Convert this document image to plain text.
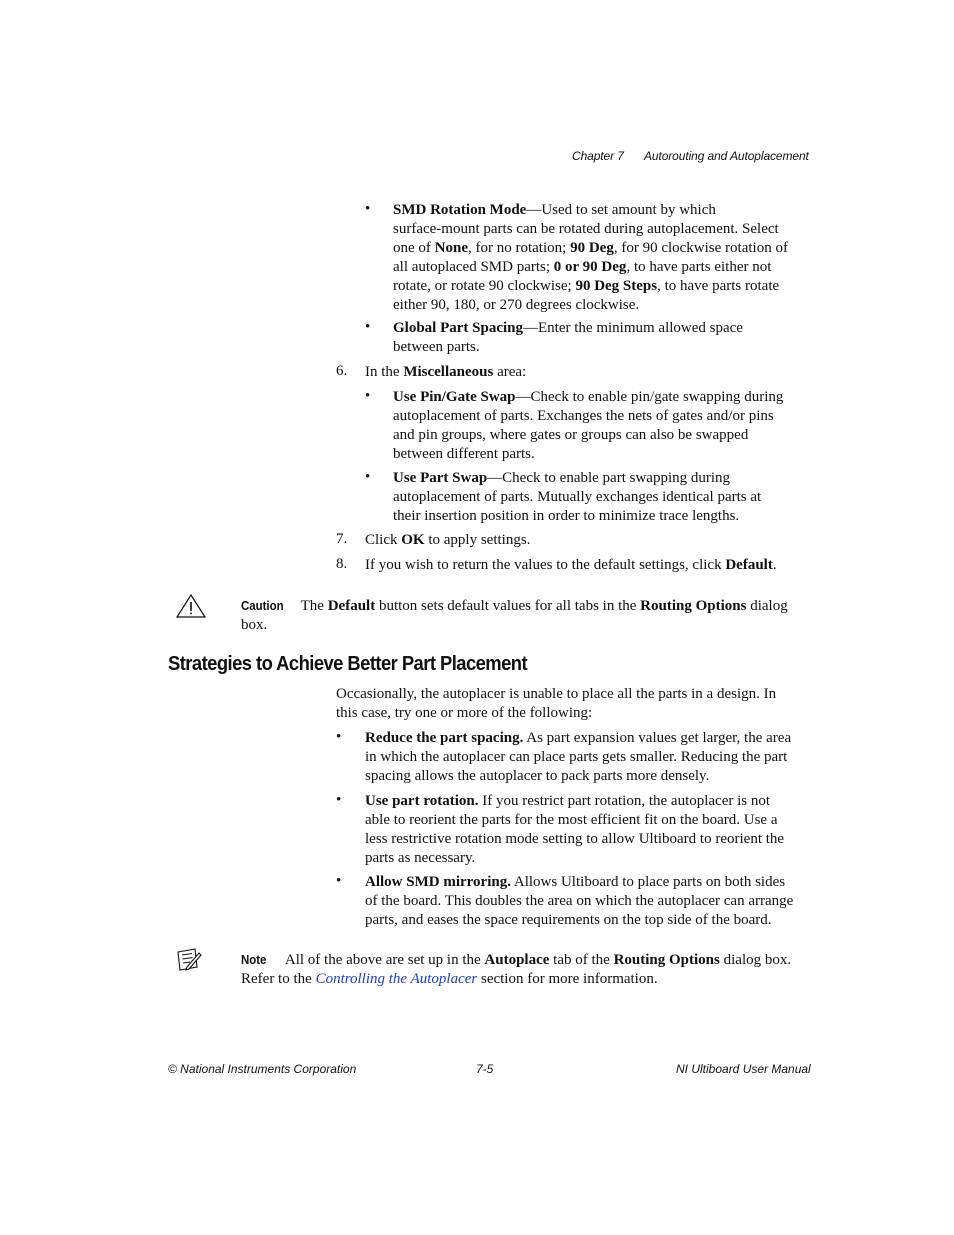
Chapter 7 Autorouting and Autoplacement
• SMD Rotation Mode—Used to set amount by which
surface-mount parts can be rotated during autoplacement. Select
one of None, for no rotation; 90 Deg, for 90 clockwise rotation of
all autoplaced SMD parts; 0 or 90 Deg, to have parts either not
rotate, or rotate 90 clockwise; 90 Deg Steps, to have parts rotate
either 90, 180, or 270 degrees clockwise.
• Global Part Spacing—Enter the minimum allowed space
between parts.
6. In the Miscellaneous area:
• Use Pin/Gate Swap—Check to enable pin/gate swapping during
autoplacement of parts. Exchanges the nets of gates and/or pins
and pin groups, where gates or groups can also be swapped
between different parts.
• Use Part Swap—Check to enable part swapping during
autoplacement of parts. Mutually exchanges identical parts at
their insertion position in order to minimize trace lengths.
7. Click OK to apply settings.
8. If you wish to return the values to the default settings, click Default.
Caution The Default button sets default values for all tabs in the Routing Options dialog
box.
Strategies to Achieve Better Part Placement
Occasionally, the autoplacer is unable to place all the parts in a design. In
this case, try one or more of the following:
• Reduce the part spacing. As part expansion values get larger, the area
in which the autoplacer can place parts gets smaller. Reducing the part
spacing allows the autoplacer to pack parts more densely.
• Use part rotation. If you restrict part rotation, the autoplacer is not
able to reorient the parts for the most efficient fit on the board. Use a
less restrictive rotation mode setting to allow Ultiboard to reorient the
parts as necessary.
• Allow SMD mirroring. Allows Ultiboard to place parts on both sides
of the board. This doubles the area on which the autoplacer can arrange
parts, and eases the space requirements on the top side of the board.
Note All of the above are set up in the Autoplace tab of the Routing Options dialog box.
Refer to the Controlling the Autoplacer section for more information.
© National Instruments Corporation	7-5	NI Ultiboard User Manual
